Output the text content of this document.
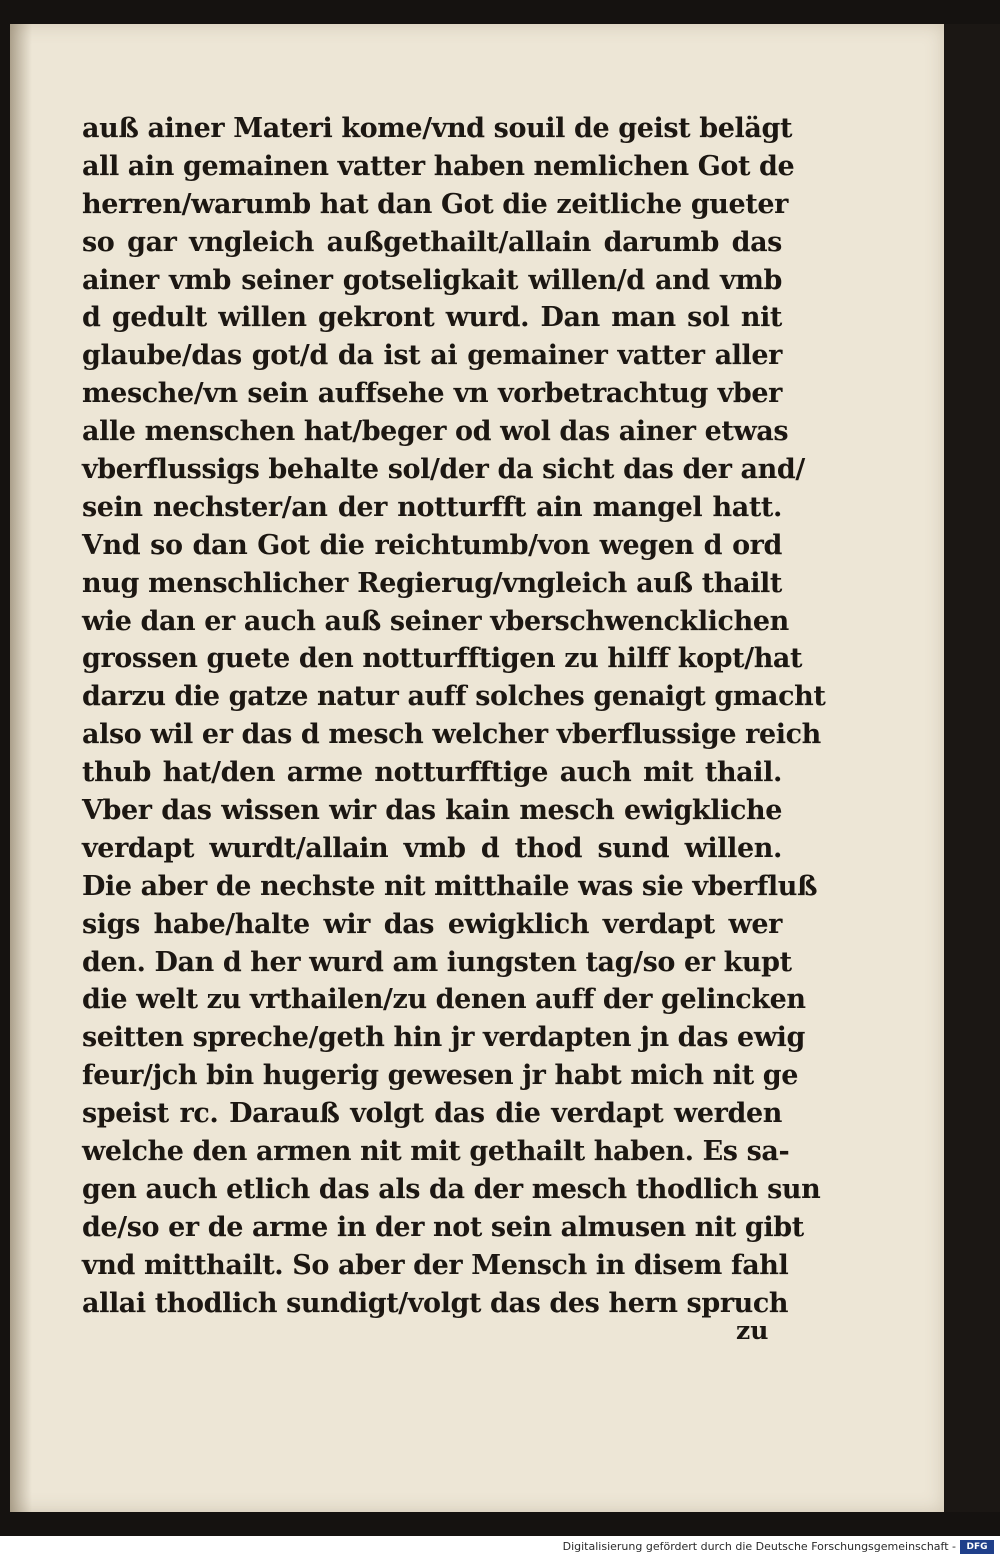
auß ainer Materi kome/vnd souil de geist belägt
all ain gemainen vatter haben nemlichen Got de
herren/warumb hat dan Got die zeitliche gueter
so gar vngleich außgethailt/allain darumb das
ainer vmb seiner gotseligkait willen/d and vmb
d gedult willen gekront wurd. Dan man sol nit
glaube/das got/d da ist ai gemainer vatter aller
mesche/vn sein auffsehe vn vorbetrachtug vber
alle menschen hat/beger od wol das ainer etwas
vberflussigs behalte sol/der da sicht das der and/
sein nechster/an der notturfft ain mangel hatt.
Vnd so dan Got die reichtumb/von wegen d ord
nug menschlicher Regierug/vngleich auß thailt
wie dan er auch auß seiner vberschwencklichen
grossen guete den notturfftigen zu hilff kopt/hat
darzu die gatze natur auff solches genaigt gmacht
also wil er das d mesch welcher vberflussige reich
thub hat/den arme notturfftige auch mit thail.
Vber das wissen wir das kain mesch ewigkliche
verdapt wurdt/allain vmb d thod sund willen.
Die aber de nechste nit mitthaile was sie vberfluß
sigs habe/halte wir das ewigklich verdapt wer
den. Dan d her wurd am iungsten tag/so er kupt
die welt zu vrthailen/zu denen auff der gelincken
seitten spreche/geth hin jr verdapten jn das ewig
feur/jch bin hugerig gewesen jr habt mich nit ge
speist rc. Darauß volgt das die verdapt werden
welche den armen nit mit gethailt haben. Es sa-
gen auch etlich das als da der mesch thodlich sun
de/so er de arme in der not sein almusen nit gibt
vnd mitthailt. So aber der Mensch in disem fahl
allai thodlich sundigt/volgt das des hern spruch
zu
Digitalisierung gefördert durch die Deutsche Forschungsgemeinschaft -	DFG
